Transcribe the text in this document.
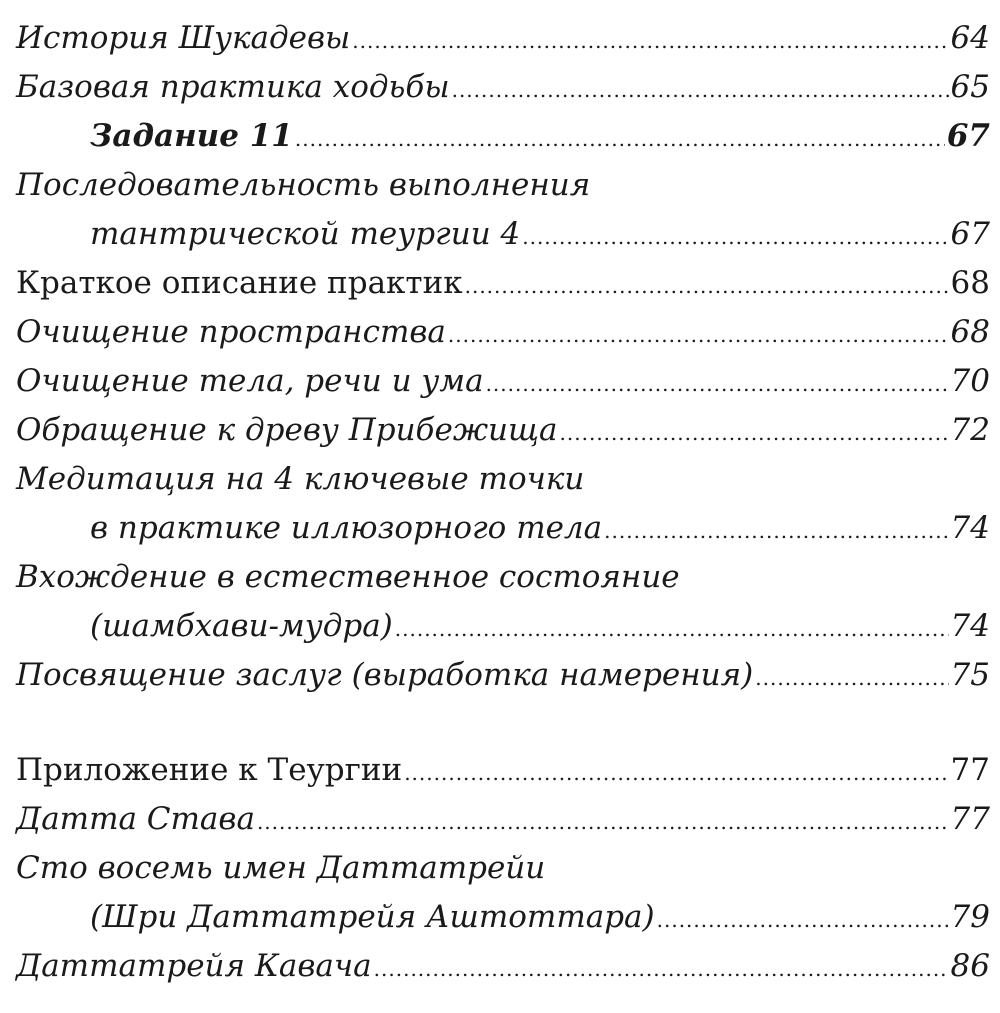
История Шукадевы .....	64
Базовая практика ходьбы .....	65
Задание 11 .....	67
Последовательность выполнения
тантрической теургии 4 .....	67
Краткое описание практик .....	68
Очищение пространства .....	68
Очищение тела, речи и ума .....	70
Обращение к древу Прибежища .....	72
Медитация на 4 ключевые точки
в практике иллюзорного тела .....	74
Вхождение в естественное состояние
(шамбхави-мудра) .....	74
Посвящение заслуг (выработка намерения) .....	75
Приложение к Теургии .....	77
Датта Става .....	77
Сто восемь имен Даттатрейи
(Шри Даттатрейя Аштоттара) .....	79
Даттатрейя Кавача .....	86
